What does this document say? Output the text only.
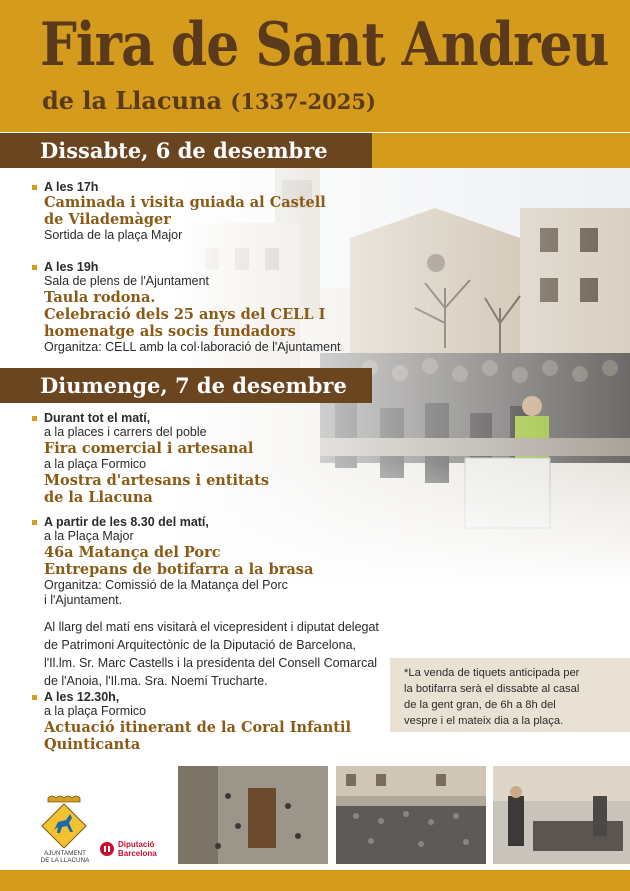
Fira de Sant Andreu
de la Llacuna (1337-2025)
Dissabte, 6 de desembre
A les 17h
Caminada i visita guiada al Castell
de Vilademàger
Sortida de la plaça Major
A les 19h
Sala de plens de l'Ajuntament
Taula rodona.
Celebració dels 25 anys del CELL I
homenatge als socis fundadors
Organitza: CELL amb la col·laboració de l'Ajuntament
Diumenge, 7 de desembre
Durant tot el matí,
a la places i carrers del poble
Fira comercial i artesanal
a la plaça Formico
Mostra d'artesans i entitats
de la Llacuna
A partir de les 8.30 del matí,
a la Plaça Major
46a Matança del Porc
Entrepans de botifarra a la brasa
Organitza: Comissió de la Matança del Porc
i l'Ajuntament.
Al llarg del matí ens visitarà el vicepresident i diputat delegat
de Patrimoni Arquitectònic de la Diputació de Barcelona,
l'Il.lm. Sr. Marc Castells i la presidenta del Consell Comarcal
de l'Anoia, l'Il.ma. Sra. Noemí Trucharte.
*La venda de tiquets anticipada per
la botifarra serà el dissabte al casal
de la gent gran, de 6h a 8h del
vespre i el mateix dia a la plaça.
A les 12.30h,
a la plaça Formico
Actuació itinerant de la Coral Infantil
Quinticanta
AJUNTAMENT
DE LA LLACUNA
Diputació
Barcelona
